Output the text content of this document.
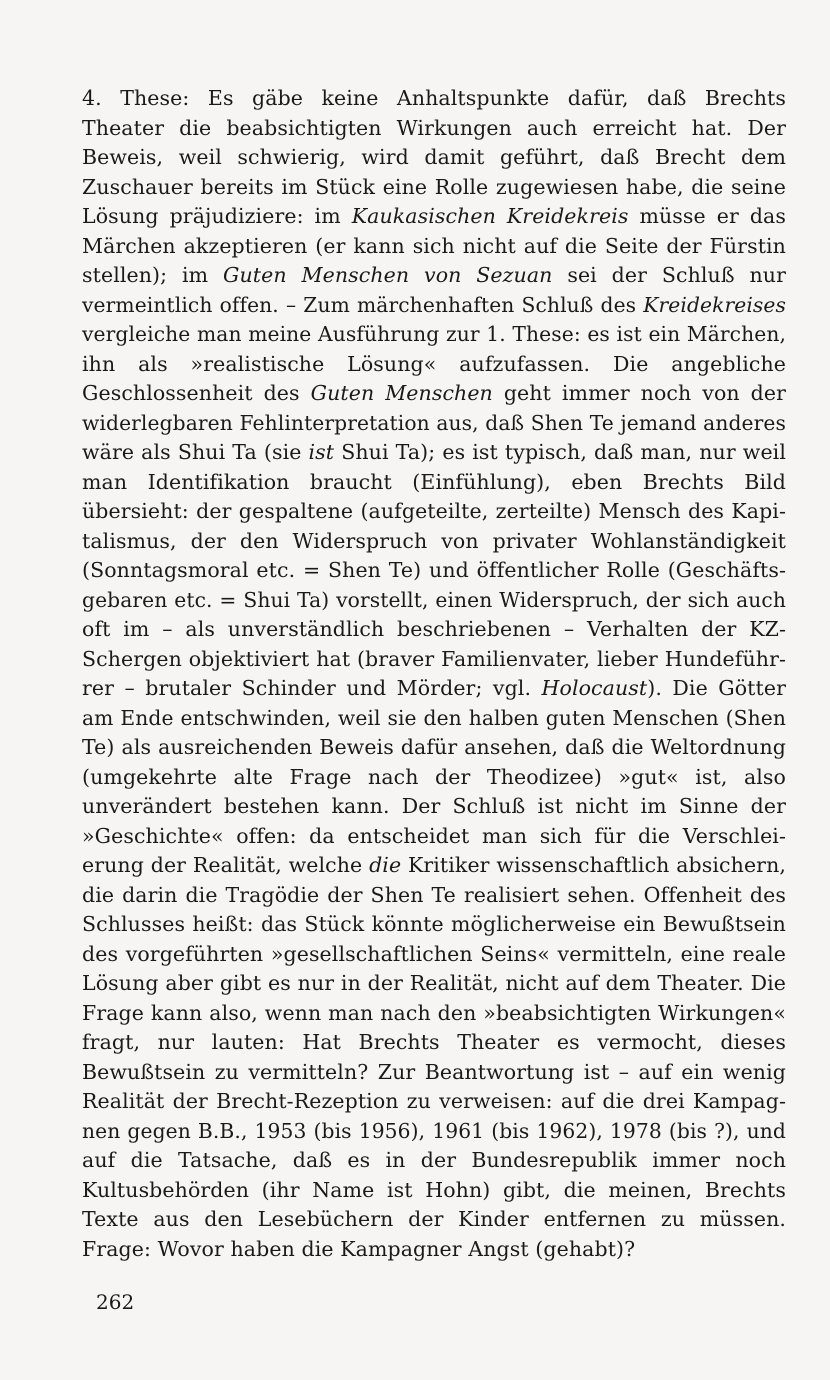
4. These: Es gäbe keine Anhaltspunkte dafür, daß Brechts
Theater die beabsichtigten Wirkungen auch erreicht hat. Der
Beweis, weil schwierig, wird damit geführt, daß Brecht dem
Zuschauer bereits im Stück eine Rolle zugewiesen habe, die seine
Lösung präjudiziere: im Kaukasischen Kreidekreis müsse er das
Märchen akzeptieren (er kann sich nicht auf die Seite der Fürstin
stellen); im Guten Menschen von Sezuan sei der Schluß nur
vermeintlich offen. – Zum märchenhaften Schluß des Kreidekreises
vergleiche man meine Ausführung zur 1. These: es ist ein Märchen,
ihn als »realistische Lösung« aufzufassen. Die angebliche
Geschlossenheit des Guten Menschen geht immer noch von der
widerlegbaren Fehlinterpretation aus, daß Shen Te jemand anderes
wäre als Shui Ta (sie ist Shui Ta); es ist typisch, daß man, nur weil
man Identifikation braucht (Einfühlung), eben Brechts Bild
übersieht: der gespaltene (aufgeteilte, zerteilte) Mensch des Kapi-
talismus, der den Widerspruch von privater Wohlanständigkeit
(Sonntagsmoral etc. = Shen Te) und öffentlicher Rolle (Geschäfts-
gebaren etc. = Shui Ta) vorstellt, einen Widerspruch, der sich auch
oft im – als unverständlich beschriebenen – Verhalten der KZ-
Schergen objektiviert hat (braver Familienvater, lieber Hundeführ-
rer – brutaler Schinder und Mörder; vgl. Holocaust). Die Götter
am Ende entschwinden, weil sie den halben guten Menschen (Shen
Te) als ausreichenden Beweis dafür ansehen, daß die Weltordnung
(umgekehrte alte Frage nach der Theodizee) »gut« ist, also
unverändert bestehen kann. Der Schluß ist nicht im Sinne der
»Geschichte« offen: da entscheidet man sich für die Verschlei-
erung der Realität, welche die Kritiker wissenschaftlich absichern,
die darin die Tragödie der Shen Te realisiert sehen. Offenheit des
Schlusses heißt: das Stück könnte möglicherweise ein Bewußtsein
des vorgeführten »gesellschaftlichen Seins« vermitteln, eine reale
Lösung aber gibt es nur in der Realität, nicht auf dem Theater. Die
Frage kann also, wenn man nach den »beabsichtigten Wirkungen«
fragt, nur lauten: Hat Brechts Theater es vermocht, dieses
Bewußtsein zu vermitteln? Zur Beantwortung ist – auf ein wenig
Realität der Brecht-Rezeption zu verweisen: auf die drei Kampag-
nen gegen B.B., 1953 (bis 1956), 1961 (bis 1962), 1978 (bis ?), und
auf die Tatsache, daß es in der Bundesrepublik immer noch
Kultusbehörden (ihr Name ist Hohn) gibt, die meinen, Brechts
Texte aus den Lesebüchern der Kinder entfernen zu müssen.
Frage: Wovor haben die Kampagner Angst (gehabt)?
262
